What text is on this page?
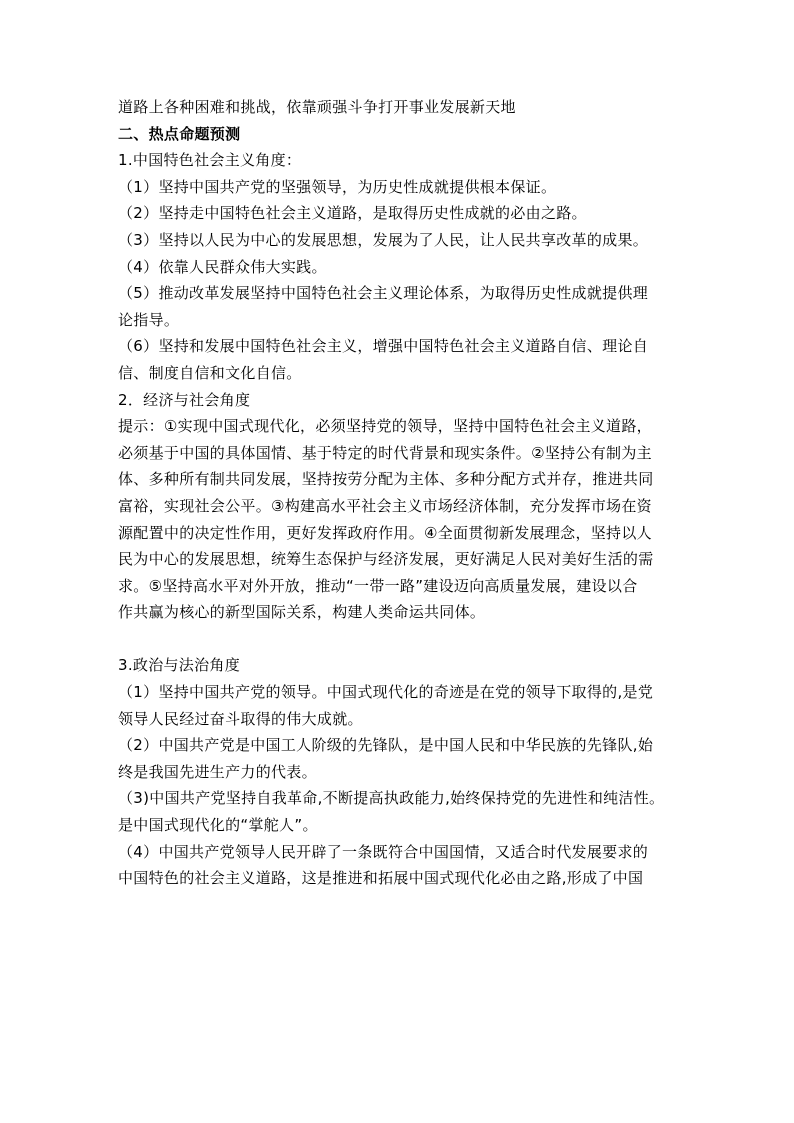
道路上各种困难和挑战，依靠顽强斗争打开事业发展新天地
二、热点命题预测
1.中国特色社会主义角度：
（1）坚持中国共产党的坚强领导，为历史性成就提供根本保证。
（2）坚持走中国特色社会主义道路，是取得历史性成就的必由之路。
（3）坚持以人民为中心的发展思想，发展为了人民，让人民共享改革的成果。
（4）依靠人民群众伟大实践。
（5）推动改革发展坚持中国特色社会主义理论体系，为取得历史性成就提供理
论指导。
（6）坚持和发展中国特色社会主义，增强中国特色社会主义道路自信、理论自
信、制度自信和文化自信。
2．经济与社会角度
提示：①实现中国式现代化，必须坚持党的领导，坚持中国特色社会主义道路，
必须基于中国的具体国情、基于特定的时代背景和现实条件。②坚持公有制为主
体、多种所有制共同发展，坚持按劳分配为主体、多种分配方式并存，推进共同
富裕，实现社会公平。③构建高水平社会主义市场经济体制，充分发挥市场在资
源配置中的决定性作用，更好发挥政府作用。④全面贯彻新发展理念，坚持以人
民为中心的发展思想，统筹生态保护与经济发展，更好满足人民对美好生活的需
求。⑤坚持高水平对外开放，推动“一带一路”建设迈向高质量发展，建设以合
作共赢为核心的新型国际关系，构建人类命运共同体。
3.政治与法治角度
（1）坚持中国共产党的领导。中国式现代化的奇迹是在党的领导下取得的,是党
领导人民经过奋斗取得的伟大成就。
（2）中国共产党是中国工人阶级的先锋队，是中国人民和中华民族的先锋队,始
终是我国先进生产力的代表。
（3)中国共产党坚持自我革命,不断提高执政能力,始终保持党的先进性和纯洁性。
是中国式现代化的“掌舵人”。
（4）中国共产党领导人民开辟了一条既符合中国国情，又适合时代发展要求的
中国特色的社会主义道路，这是推进和拓展中国式现代化必由之路,形成了中国
